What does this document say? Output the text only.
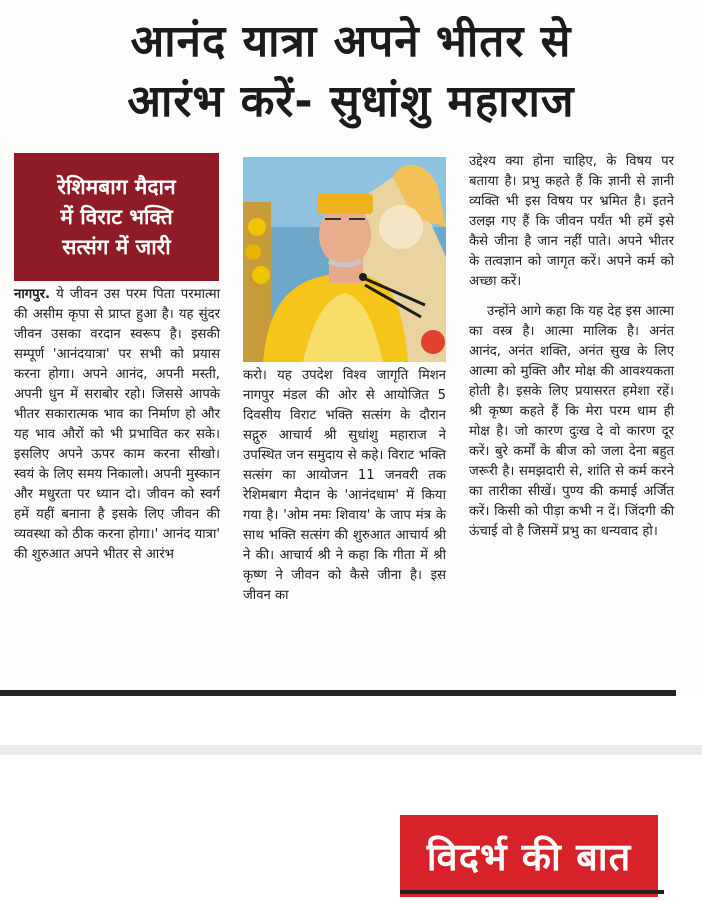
आनंद यात्रा अपने भीतर से
आरंभ करें- सुधांशु महाराज
रेशिमबाग मैदान
में विराट भक्ति
सत्संग में जारी

नागपुर. ये जीवन उस परम पिता परमात्मा की असीम कृपा से प्राप्त हुआ है। यह सुंदर जीवन उसका वरदान स्वरूप है। इसकी सम्पूर्ण 'आनंदयात्रा' पर सभी को प्रयास करना होगा। अपने आनंद, अपनी मस्ती, अपनी धुन में सराबोर रहो। जिससे आपके भीतर सकारात्मक भाव का निर्माण हो और यह भाव औरों को भी प्रभावित कर सके। इसलिए अपने ऊपर काम करना सीखो। स्वयं के लिए समय निकालो। अपनी मुस्कान और मधुरता पर ध्यान दो। जीवन को स्वर्ग हमें यहीं बनाना है इसके लिए जीवन की व्यवस्था को ठीक करना होगा।' आनंद यात्रा' की शुरुआत अपने भीतर से आरंभ

करो। यह उपदेश विश्व जागृति मिशन नागपुर मंडल की ओर से आयोजित 5 दिवसीय विराट भक्ति सत्संग के दौरान सद्गुरु आचार्य श्री सुधांशु महाराज ने उपस्थित जन समुदाय से कहे। विराट भक्ति सत्संग का आयोजन 11 जनवरी तक रेशिमबाग मैदान के 'आनंदधाम' में किया गया है। 'ओम नमः शिवाय' के जाप मंत्र के साथ भक्ति सत्संग की शुरुआत आचार्य श्री ने की। आचार्य श्री ने कहा कि गीता में श्री कृष्ण ने जीवन को कैसे जीना है। इस जीवन का

उद्देश्य क्या होना चाहिए, के विषय पर बताया है। प्रभु कहते हैं कि ज्ञानी से ज्ञानी व्यक्ति भी इस विषय पर भ्रमित है। इतने उलझ गए हैं कि जीवन पर्यंत भी हमें इसे कैसे जीना है जान नहीं पाते। अपने भीतर के तत्वज्ञान को जागृत करें। अपने कर्म को अच्छा करें।

उन्होंने आगे कहा कि यह देह इस आत्मा का वस्त्र है। आत्मा मालिक है। अनंत आनंद, अनंत शक्ति, अनंत सुख के लिए आत्मा को मुक्ति और मोक्ष की आवश्यकता होती है। इसके लिए प्रयासरत हमेशा रहें। श्री कृष्ण कहते हैं कि मेरा परम धाम ही मोक्ष है। जो कारण दुःख दे वो कारण दूर करें। बुरे कर्मों के बीज को जला देना बहुत जरूरी है। समझदारी से, शांति से कर्म करने का तारीका सीखें। पुण्य की कमाई अर्जित करें। किसी को पीड़ा कभी न दें। जिंदगी की ऊंचाई वो है जिसमें प्रभु का धन्यवाद हो।

विदर्भ की बात
